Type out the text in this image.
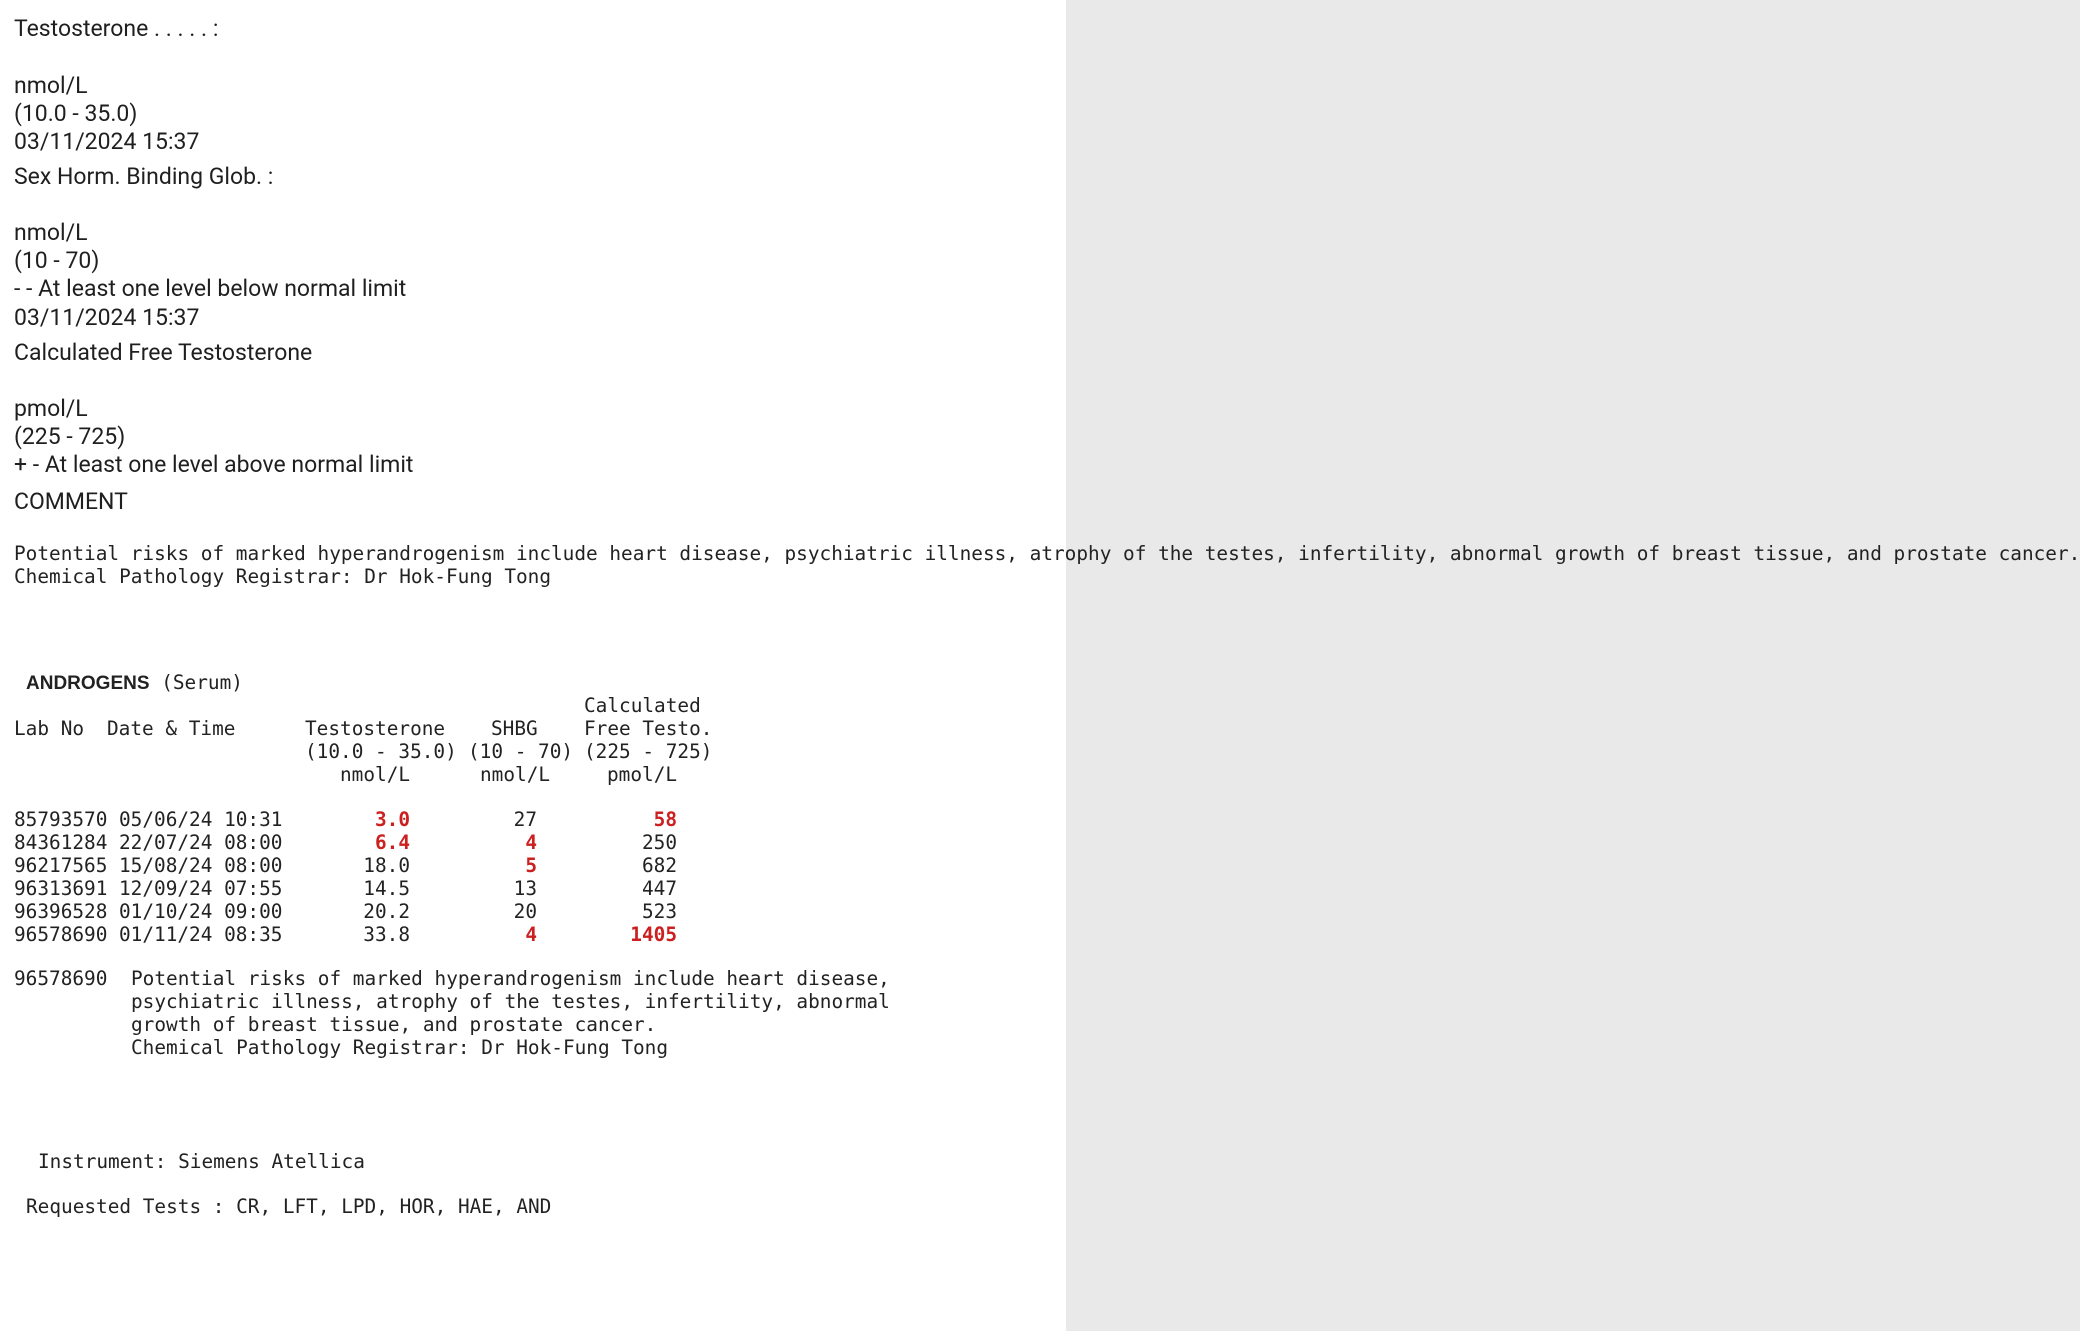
Testosterone . . . . . :
nmol/L
(10.0 - 35.0)
03/11/2024 15:37
Sex Horm. Binding Glob. :
nmol/L
(10 - 70)
- - At least one level below normal limit
03/11/2024 15:37
Calculated Free Testosterone
pmol/L
(225 - 725)
+ - At least one level above normal limit
COMMENT
Potential risks of marked hyperandrogenism include heart disease, psychiatric illness, atrophy of the testes, infertility, abnormal growth of breast tissue, and prostate cancer.
Chemical Pathology Registrar: Dr Hok-Fung Tong
ANDROGENS (Serum)
Calculated
Lab No Date & Time	Testosterone SHBG Free Testo.
(10.0 - 35.0) (10 - 70) (225 - 725)
nmol/L	nmol/L	pmol/L
85793570 05/06/24 10:31	3.0	27	58
84361284 22/07/24 08:00	6.4	4	250
96217565 15/08/24 08:00	18.0	5	682
96313691 12/09/24 07:55	14.5	13	447
96396528 01/10/24 09:00	20.2	20	523
96578690 01/11/24 08:35	33.8	4	1405
96578690 Potential risks of marked hyperandrogenism include heart disease,
psychiatric illness, atrophy of the testes, infertility, abnormal
growth of breast tissue, and prostate cancer.
Chemical Pathology Registrar: Dr Hok-Fung Tong
Instrument: Siemens Atellica
Requested Tests : CR, LFT, LPD, HOR, HAE, AND
